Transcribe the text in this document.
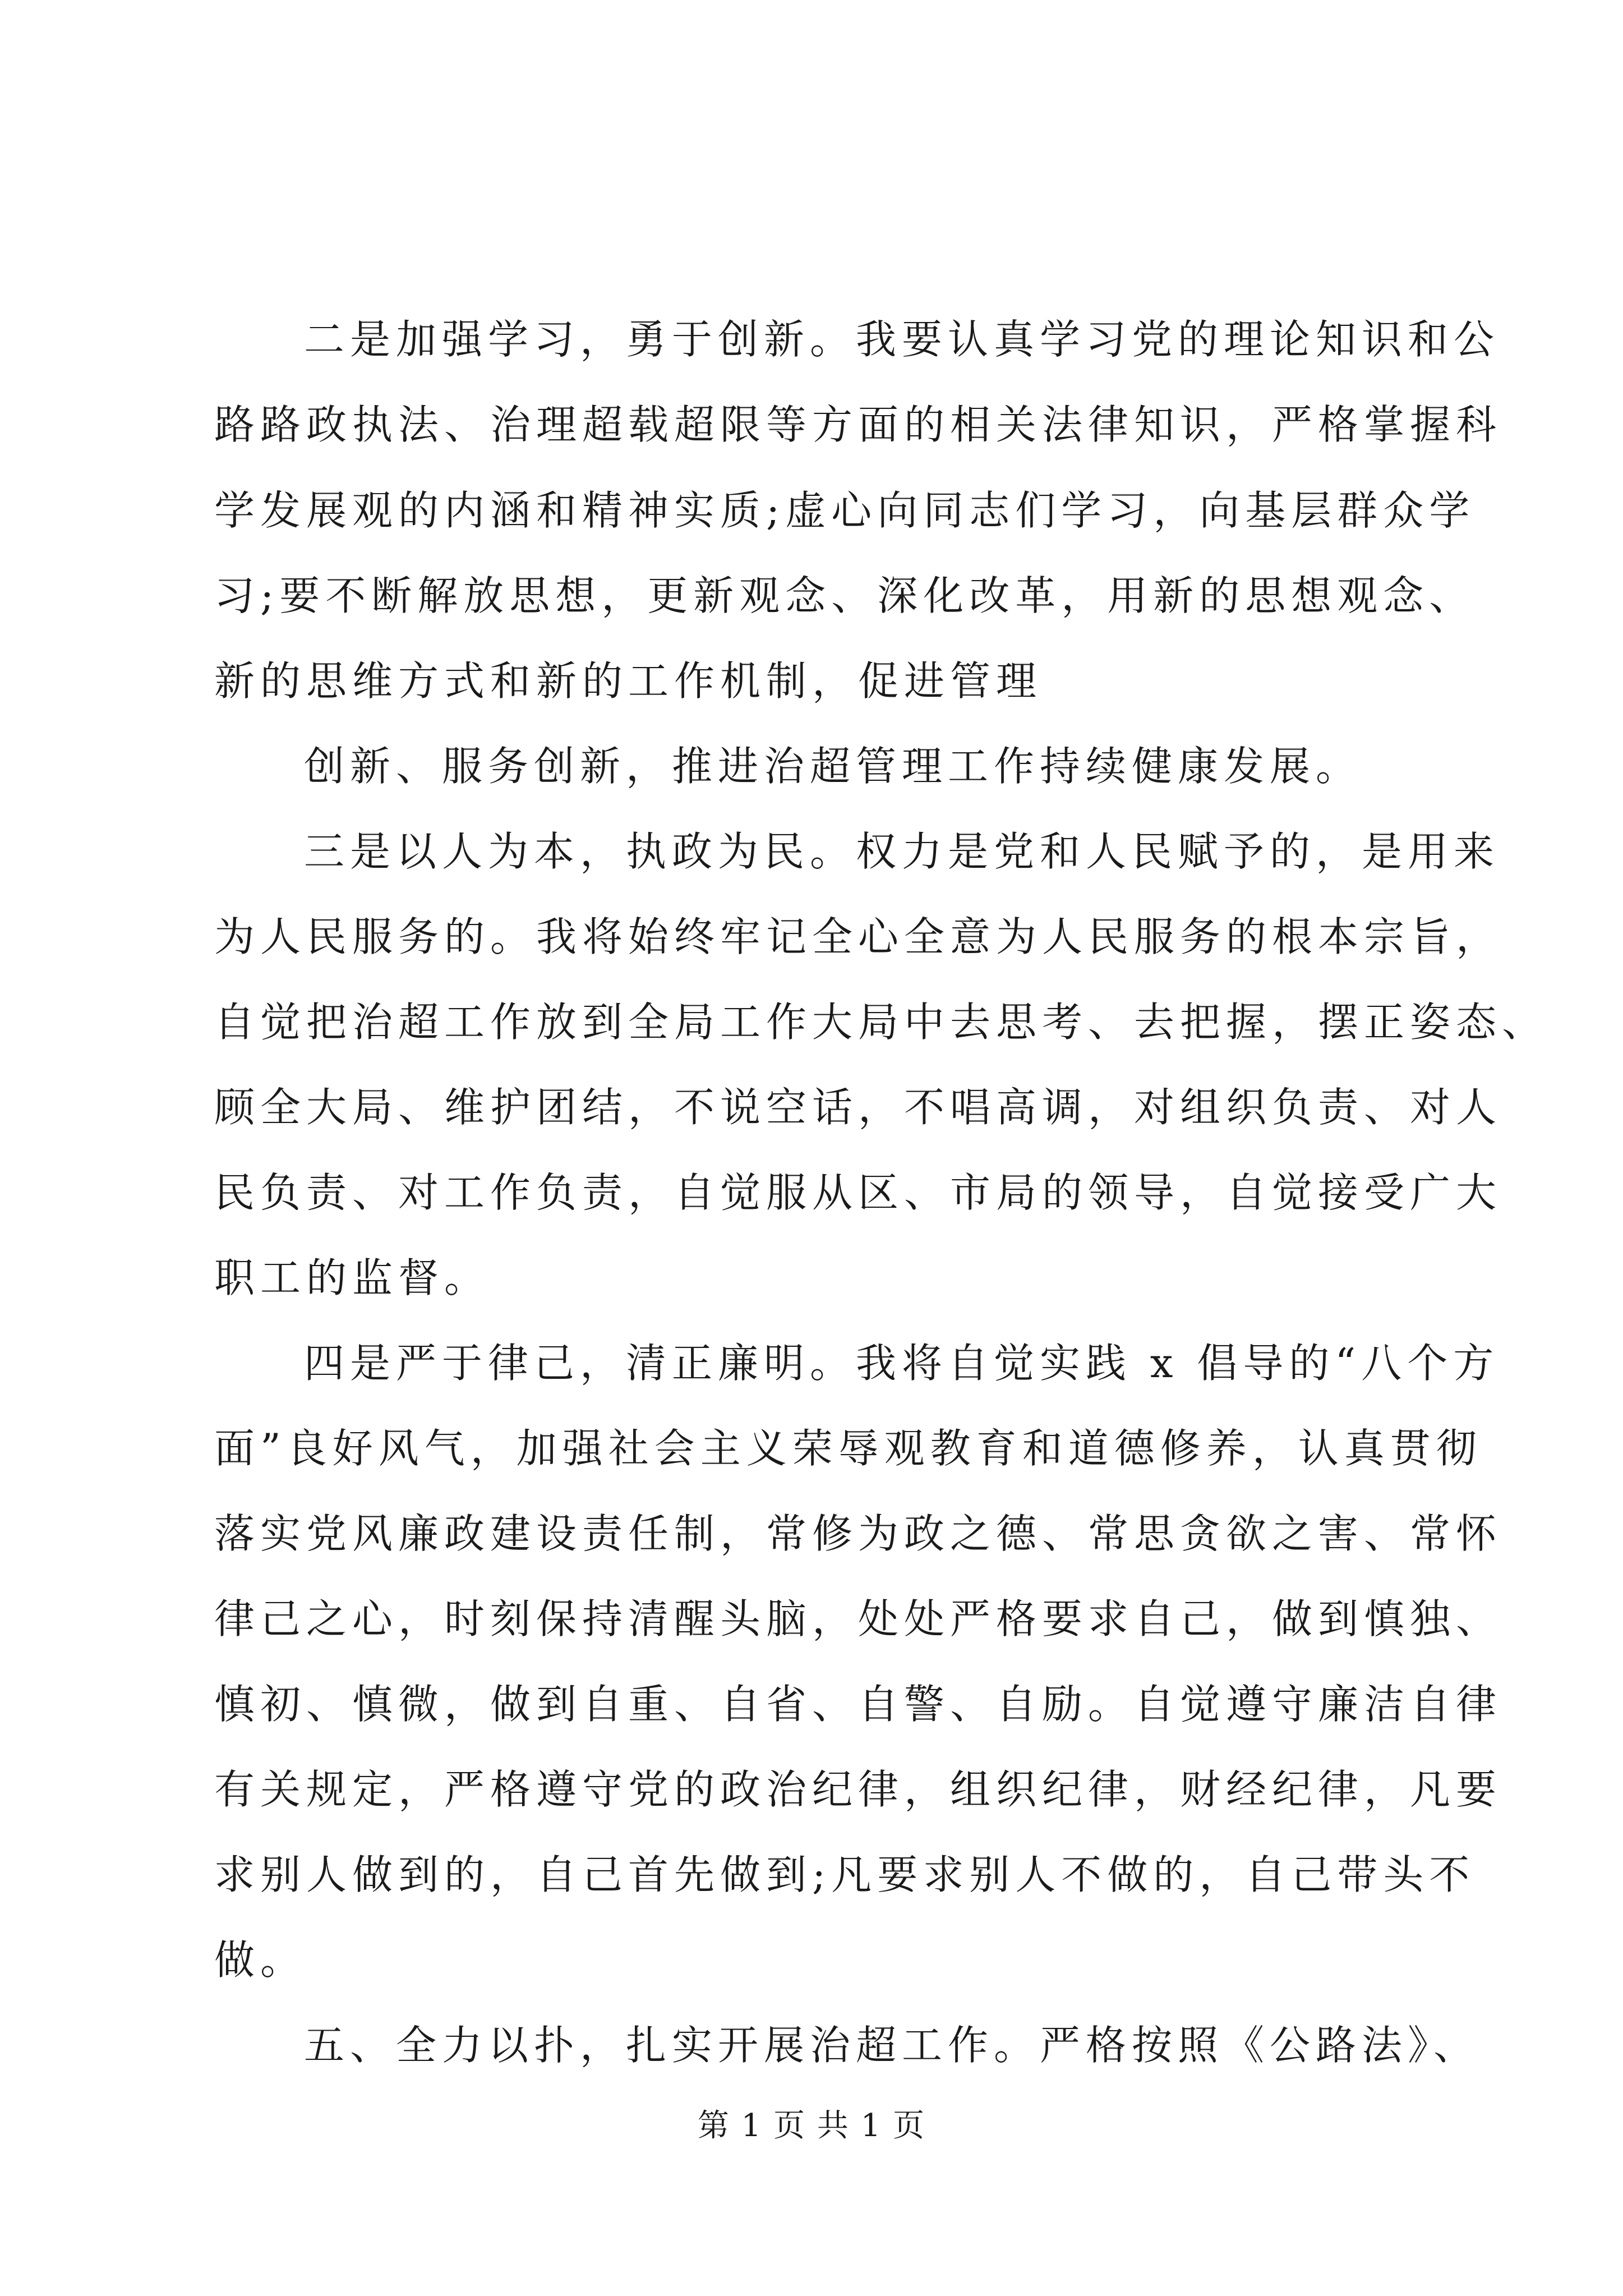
二是加强学习，勇于创新。我要认真学习党的理论知识和公
路路政执法、治理超载超限等方面的相关法律知识，严格掌握科
学发展观的内涵和精神实质;虚心向同志们学习，向基层群众学
习;要不断解放思想，更新观念、深化改革，用新的思想观念、
新的思维方式和新的工作机制，促进管理
创新、服务创新，推进治超管理工作持续健康发展。
三是以人为本，执政为民。权力是党和人民赋予的，是用来
为人民服务的。我将始终牢记全心全意为人民服务的根本宗旨，
自觉把治超工作放到全局工作大局中去思考、去把握，摆正姿态、
顾全大局、维护团结，不说空话，不唱高调，对组织负责、对人
民负责、对工作负责，自觉服从区、市局的领导，自觉接受广大
职工的监督。
四是严于律己，清正廉明。我将自觉实践 x 倡导的“八个方
面”良好风气，加强社会主义荣辱观教育和道德修养，认真贯彻
落实党风廉政建设责任制，常修为政之德、常思贪欲之害、常怀
律己之心，时刻保持清醒头脑，处处严格要求自己，做到慎独、
慎初、慎微，做到自重、自省、自警、自励。自觉遵守廉洁自律
有关规定，严格遵守党的政治纪律，组织纪律，财经纪律，凡要
求别人做到的，自己首先做到;凡要求别人不做的，自己带头不
做。
五、全力以扑，扎实开展治超工作。严格按照《公路法》、
第 1 页 共 1 页
